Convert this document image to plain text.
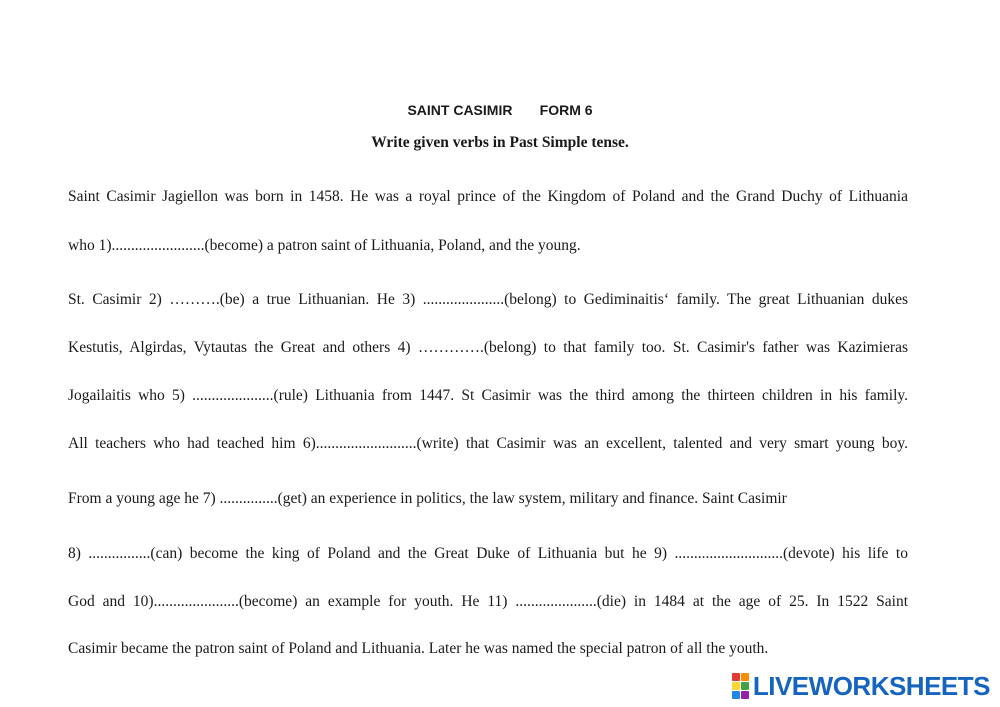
SAINT CASIMIR       FORM 6
Write given verbs in Past Simple tense.
Saint Casimir Jagiellon was born in 1458. He was a royal prince of the Kingdom of Poland and the Grand Duchy of Lithuania
who 1)........................(become) a patron saint of Lithuania, Poland, and the young.
St. Casimir 2) ……….(be) a true Lithuanian. He 3) .....................(belong) to Gediminaitis‘ family. The great Lithuanian dukes
Kestutis, Algirdas, Vytautas the Great and others 4) ………….(belong) to that family too. St. Casimir's father was Kazimieras
Jogailaitis who 5) .....................(rule) Lithuania from 1447. St Casimir was the third among the thirteen children in his family.
All teachers who had teached him 6)..........................(write) that Casimir was an excellent, talented and very smart young boy.
From a young age he 7) ...............(get) an experience in politics, the law system, military and finance. Saint Casimir
8) ................(can) become the king of Poland and the Great Duke of Lithuania but he 9) ............................(devote) his life to
God and 10)......................(become) an example for youth. He 11) .....................(die) in 1484 at the age of 25. In 1522 Saint
Casimir became the patron saint of Poland and Lithuania. Later he was named the special patron of all the youth.
LIVEWORKSHEETS
